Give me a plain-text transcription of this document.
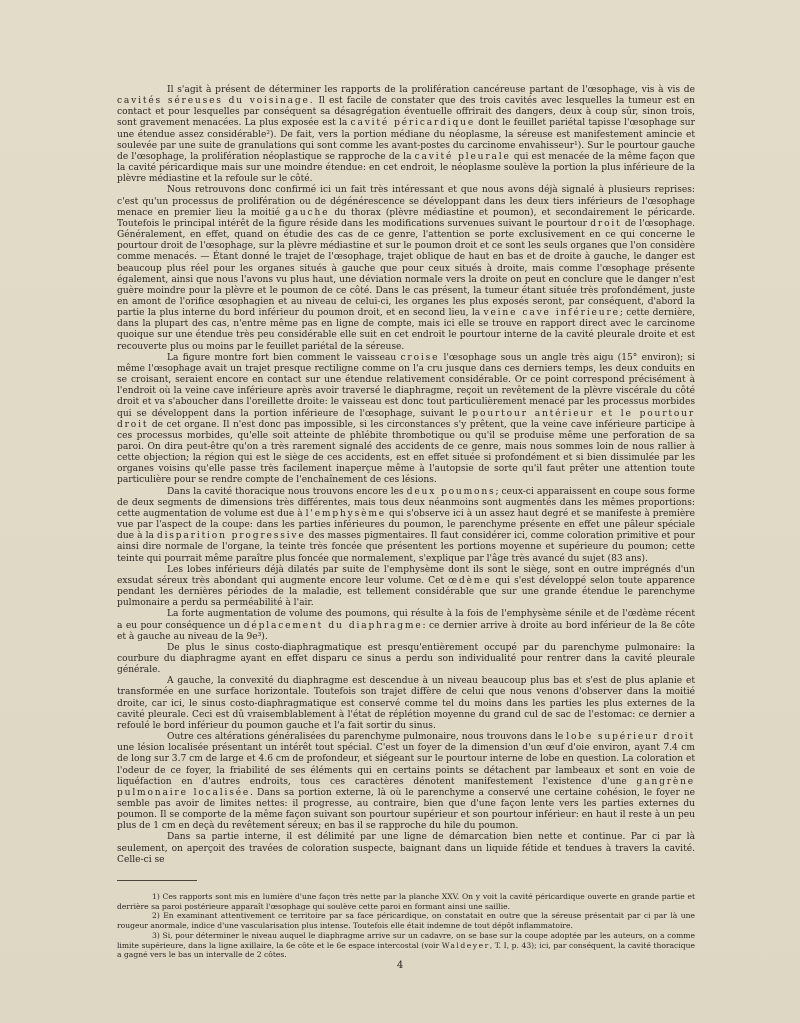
Il s'agit à présent de déterminer les rapports de la prolifération cancéreuse partant de l'œsophage, vis à vis de cavités séreuses du voisinage. Il est facile de constater que des trois cavités avec lesquelles la tumeur est en contact et pour lesquelles par conséquent sa désagrégation éventuelle offrirait des dangers, deux à coup sûr, sinon trois, sont gravement menacées. La plus exposée est la cavité péricardique dont le feuillet pariétal tapisse l'œsophage sur une étendue assez considérable²). De fait, vers la portion médiane du néoplasme, la séreuse est manifestement amincie et soulevée par une suite de granulations qui sont comme les avant-postes du carcinome envahisseur¹). Sur le pourtour gauche de l'œsophage, la prolifération néoplastique se rapproche de la cavité pleurale qui est menacée de la même façon que la cavité péricardique mais sur une moindre étendue: en cet endroit, le néoplasme soulève la portion la plus inférieure de la plèvre médiastine et la refoule sur le côté.

Nous retrouvons donc confirmé ici un fait très intéressant et que nous avons déjà signalé à plusieurs reprises: c'est qu'un processus de prolifération ou de dégénérescence se développant dans les deux tiers inférieurs de l'œsophage menace en premier lieu la moitié gauche du thorax (plèvre médiastine et poumon), et secondairement le péricarde. Toutefois le principal intérêt de la figure réside dans les modifications survenues suivant le pourtour droit de l'œsophage. Généralement, en effet, quand on étudie des cas de ce genre, l'attention se porte exclusivement en ce qui concerne le pourtour droit de l'œsophage, sur la plèvre médiastine et sur le poumon droit et ce sont les seuls organes que l'on considère comme menacés. — Étant donné le trajet de l'œsophage, trajet oblique de haut en bas et de droite à gauche, le danger est beaucoup plus réel pour les organes situés à gauche que pour ceux situés à droite, mais comme l'œsophage présente également, ainsi que nous l'avons vu plus haut, une déviation normale vers la droite on peut en conclure que le danger n'est guère moindre pour la plèvre et le poumon de ce côté. Dans le cas présent, la tumeur étant située très profondément, juste en amont de l'orifice œsophagien et au niveau de celui-ci, les organes les plus exposés seront, par conséquent, d'abord la partie la plus interne du bord inférieur du poumon droit, et en second lieu, la veine cave inférieure; cette dernière, dans la plupart des cas, n'entre même pas en ligne de compte, mais ici elle se trouve en rapport direct avec le carcinome quoique sur une étendue très peu considérable elle suit en cet endroit le pourtour interne de la cavité pleurale droite et est recouverte plus ou moins par le feuillet pariétal de la séreuse.

La figure montre fort bien comment le vaisseau croise l'œsophage sous un angle très aigu (15° environ); si même l'œsophage avait un trajet presque rectiligne comme on l'a cru jusque dans ces derniers temps, les deux conduits en se croisant, seraient encore en contact sur une étendue relativement considérable. Or ce point correspond précisément à l'endroit où la veine cave inférieure après avoir traversé le diaphragme, reçoit un revêtement de la plèvre viscérale du côté droit et va s'aboucher dans l'oreillette droite: le vaisseau est donc tout particulièrement menacé par les processus morbides qui se développent dans la portion inférieure de l'œsophage, suivant le pourtour antérieur et le pourtour droit de cet organe. Il n'est donc pas impossible, si les circonstances s'y prêtent, que la veine cave inférieure participe à ces processus morbides, qu'elle soit atteinte de phlébite thrombotique ou qu'il se produise même une perforation de sa paroi. On dira peut-être qu'on a très rarement signalé des accidents de ce genre, mais nous sommes loin de nous rallier à cette objection; la région qui est le siège de ces accidents, est en effet située si profondément et si bien dissimulée par les organes voisins qu'elle passe très facilement inaperçue même à l'autopsie de sorte qu'il faut prêter une attention toute particulière pour se rendre compte de l'enchaînement de ces lésions.

Dans la cavité thoracique nous trouvons encore les deux poumons; ceux-ci apparaissent en coupe sous forme de deux segments de dimensions très différentes, mais tous deux néanmoins sont augmentés dans les mêmes proportions: cette augmentation de volume est due à l'emphysème qui s'observe ici à un assez haut degré et se manifeste à première vue par l'aspect de la coupe: dans les parties inférieures du poumon, le parenchyme présente en effet une pâleur spéciale due à la disparition progressive des masses pigmentaires. Il faut considérer ici, comme coloration primitive et pour ainsi dire normale de l'organe, la teinte très foncée que présentent les portions moyenne et supérieure du poumon; cette teinte qui pourrait même paraître plus foncée que normalement, s'explique par l'âge très avancé du sujet (83 ans).

Les lobes inférieurs déjà dilatés par suite de l'emphysème dont ils sont le siège, sont en outre imprégnés d'un exsudat séreux très abondant qui augmente encore leur volume. Cet œdème qui s'est développé selon toute apparence pendant les dernières périodes de la maladie, est tellement considérable que sur une grande étendue le parenchyme pulmonaire a perdu sa perméabilité à l'air.

La forte augmentation de volume des poumons, qui résulte à la fois de l'emphysème sénile et de l'œdème récent a eu pour conséquence un déplacement du diaphragme: ce dernier arrive à droite au bord inférieur de la 8e côte et à gauche au niveau de la 9e³).

De plus le sinus costo-diaphragmatique est presqu'entièrement occupé par du parenchyme pulmonaire: la courbure du diaphragme ayant en effet disparu ce sinus a perdu son individualité pour rentrer dans la cavité pleurale générale.

A gauche, la convexité du diaphragme est descendue à un niveau beaucoup plus bas et s'est de plus aplanie et transformée en une surface horizontale. Toutefois son trajet diffère de celui que nous venons d'observer dans la moitié droite, car ici, le sinus costo-diaphragmatique est conservé comme tel du moins dans les parties les plus externes de la cavité pleurale. Ceci est dû vraisemblablement à l'état de réplétion moyenne du grand cul de sac de l'estomac: ce dernier a refoulé le bord inférieur du poumon gauche et l'a fait sortir du sinus.

Outre ces altérations généralisées du parenchyme pulmonaire, nous trouvons dans le lobe supérieur droit une lésion localisée présentant un intérêt tout spécial. C'est un foyer de la dimension d'un œuf d'oie environ, ayant 7.4 cm de long sur 3.7 cm de large et 4.6 cm de profondeur, et siégeant sur le pourtour interne de lobe en question. La coloration et l'odeur de ce foyer, la friabilité de ses éléments qui en certains points se détachent par lambeaux et sont en voie de liquéfaction en d'autres endroits, tous ces caractères dénotent manifestement l'existence d'une gangrène pulmonaire localisée. Dans sa portion externe, là où le parenchyme a conservé une certaine cohésion, le foyer ne semble pas avoir de limites nettes: il progresse, au contraire, bien que d'une façon lente vers les parties externes du poumon. Il se comporte de la même façon suivant son pourtour supérieur et son pourtour inférieur: en haut il reste à un peu plus de 1 cm en deçà du revêtement séreux; en bas il se rapproche du hile du poumon.

Dans sa partie interne, il est délimité par une ligne de démarcation bien nette et continue. Par ci par là seulement, on aperçoit des travées de coloration suspecte, baignant dans un liquide fétide et tendues à travers la cavité. Celle-ci se

1) Ces rapports sont mis en lumière d'une façon très nette par la planche XXV. On y voit la cavité péricardique ouverte en grande partie et derrière sa paroi postérieure apparaît l'œsophage qui soulève cette paroi en formant ainsi une saillie.

2) En examinant attentivement ce territoire par sa face péricardique, on constatait en outre que la séreuse présentait par ci par là une rougeur anormale, indice d'une vascularisation plus intense. Toutefois elle était indemne de tout dépôt inflammatoire.

3) Si, pour déterminer le niveau auquel le diaphragme arrive sur un cadavre, on se base sur la coupe adoptée par les auteurs, on a comme limite supérieure, dans la ligne axillaire, la 6e côte et le 6e espace intercostal (voir Waldeyer, T. I, p. 43); ici, par conséquent, la cavité thoracique a gagné vers le bas un intervalle de 2 côtes.

4
